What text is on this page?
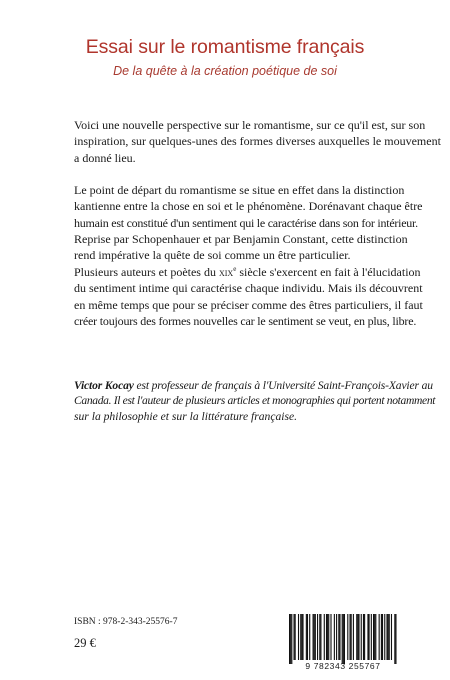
Essai sur le romantisme français
De la quête à la création poétique de soi

Voici une nouvelle perspective sur le romantisme, sur ce qu'il est, sur son
inspiration, sur quelques-unes des formes diverses auxquelles le mouvement
a donné lieu.

Le point de départ du romantisme se situe en effet dans la distinction
kantienne entre la chose en soi et le phénomène. Dorénavant chaque être
humain est constitué d'un sentiment qui le caractérise dans son for intérieur.
Reprise par Schopenhauer et par Benjamin Constant, cette distinction
rend impérative la quête de soi comme un être particulier.

Plusieurs auteurs et poètes du xix$^e$ siècle s'exercent en fait à l'élucidation
du sentiment intime qui caractérise chaque individu. Mais ils découvrent
en même temps que pour se préciser comme des êtres particuliers, il faut
créer toujours des formes nouvelles car le sentiment se veut, en plus, libre.

Victor Kocay est professeur de français à l'Université Saint-François-Xavier au
Canada. Il est l'auteur de plusieurs articles et monographies qui portent notamment
sur la philosophie et sur la littérature française.

ISBN : 978-2-343-25576-7
29 €
9 782343 255767
